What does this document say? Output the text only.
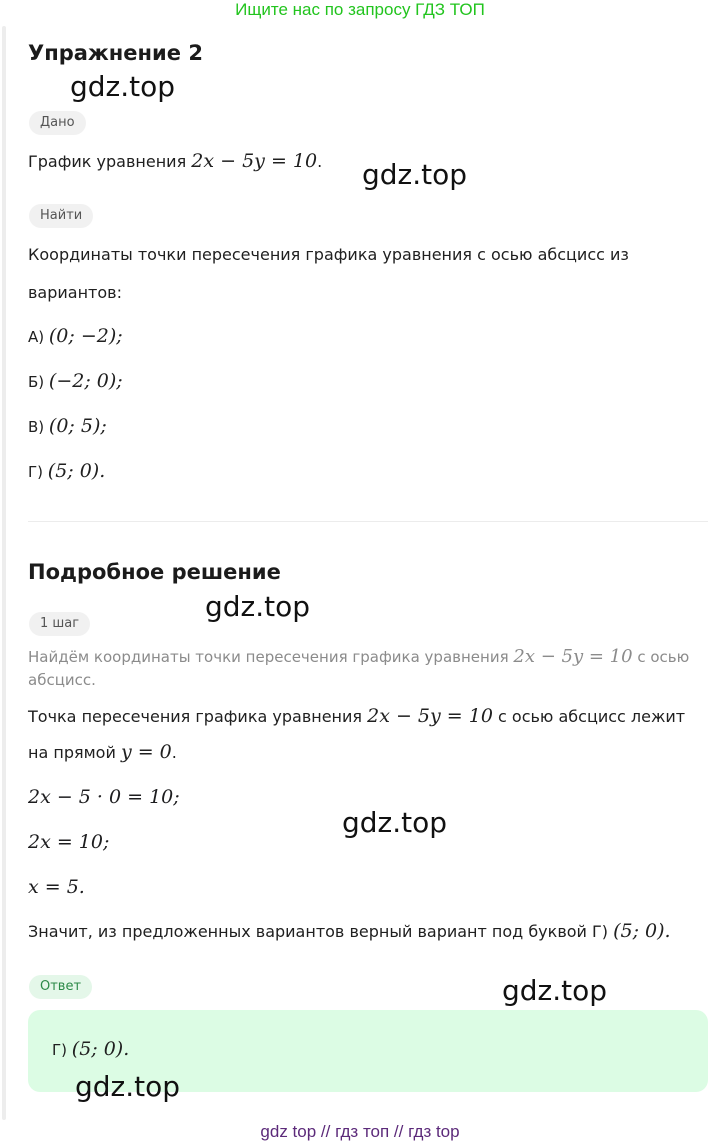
Ищите нас по запросу ГДЗ ТОП
Упражнение 2
gdz.top
Дано
График уравнения 2x − 5y = 10. gdz.top
Найти
Координаты точки пересечения графика уравнения с осью абсцисс из
вариантов:
А) (0; −2);
Б) (−2; 0);
В) (0; 5);
Г) (5; 0).
Подробное решение
gdz.top
1 шаг
Найдём координаты точки пересечения графика уравнения 2x − 5y = 10 с осью
абсцисс.
Точка пересечения графика уравнения 2x − 5y = 10 с осью абсцисс лежит
на прямой y = 0.
2x − 5 · 0 = 10;
gdz.top
2x = 10;
x = 5.
Значит, из предложенных вариантов верный вариант под буквой Г) (5; 0).
Ответ	gdz.top
Г) (5; 0).
gdz.top
gdz top // гдз топ // гдз top
